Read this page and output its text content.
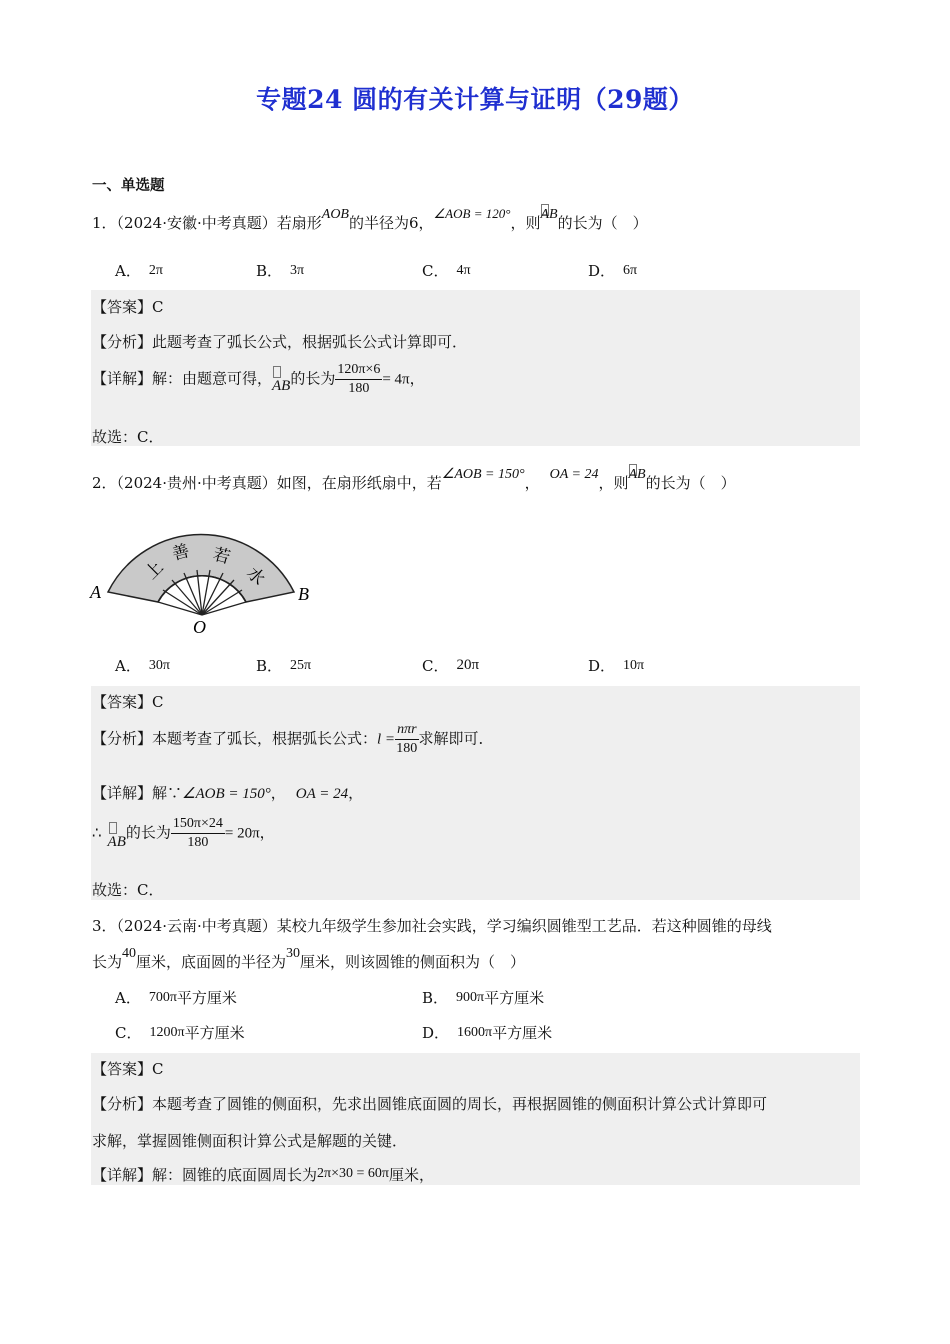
专题24 圆的有关计算与证明（29题）
一、单选题
1．（2024·安徽·中考真题）若扇形AOB的半径为6，∠AOB = 120°，则
AB的长为（　）
A． 2π	B． 3π	C． 4π	D． 6π
【答案】C
【分析】此题考查了弧长公式，根据弧长公式计算即可．
【详解】解：由题意可得，
AB的长为 $\frac{120\pi\times 6}{180} = 4\pi$，
故选：C．
2．（2024·贵州·中考真题）如图，在扇形纸扇中，若∠AOB = 150°， OA = 24，则
AB的长为（　）
上
善 若
水
A	B
O
A． 30π	B． 25π	C． 20π	D． 10π
【答案】C
【分析】本题考查了弧长，根据弧长公式：$l = \frac{\text{nπr}}{180}$ 求解即可．
【详解】解∵∠AOB = 150°， OA = 24，
∴ AB的长为 $\frac{150\pi\times 24}{180} = 20\pi$，
故选：C．
3．（2024·云南·中考真题）某校九年级学生参加社会实践，学习编织圆锥型工艺品．若这种圆锥的母线
长为40厘米，底面圆的半径为30厘米，则该圆锥的侧面积为（　）
A． 700π平方厘米	B． 900π平方厘米
C． 1200π平方厘米	D． 1600π平方厘米
【答案】C
【分析】本题考查了圆锥的侧面积，先求出圆锥底面圆的周长，再根据圆锥的侧面积计算公式计算即可
求解，掌握圆锥侧面积计算公式是解题的关键．
【详解】解：圆锥的底面圆周长为2π×30 = 60π厘米，
